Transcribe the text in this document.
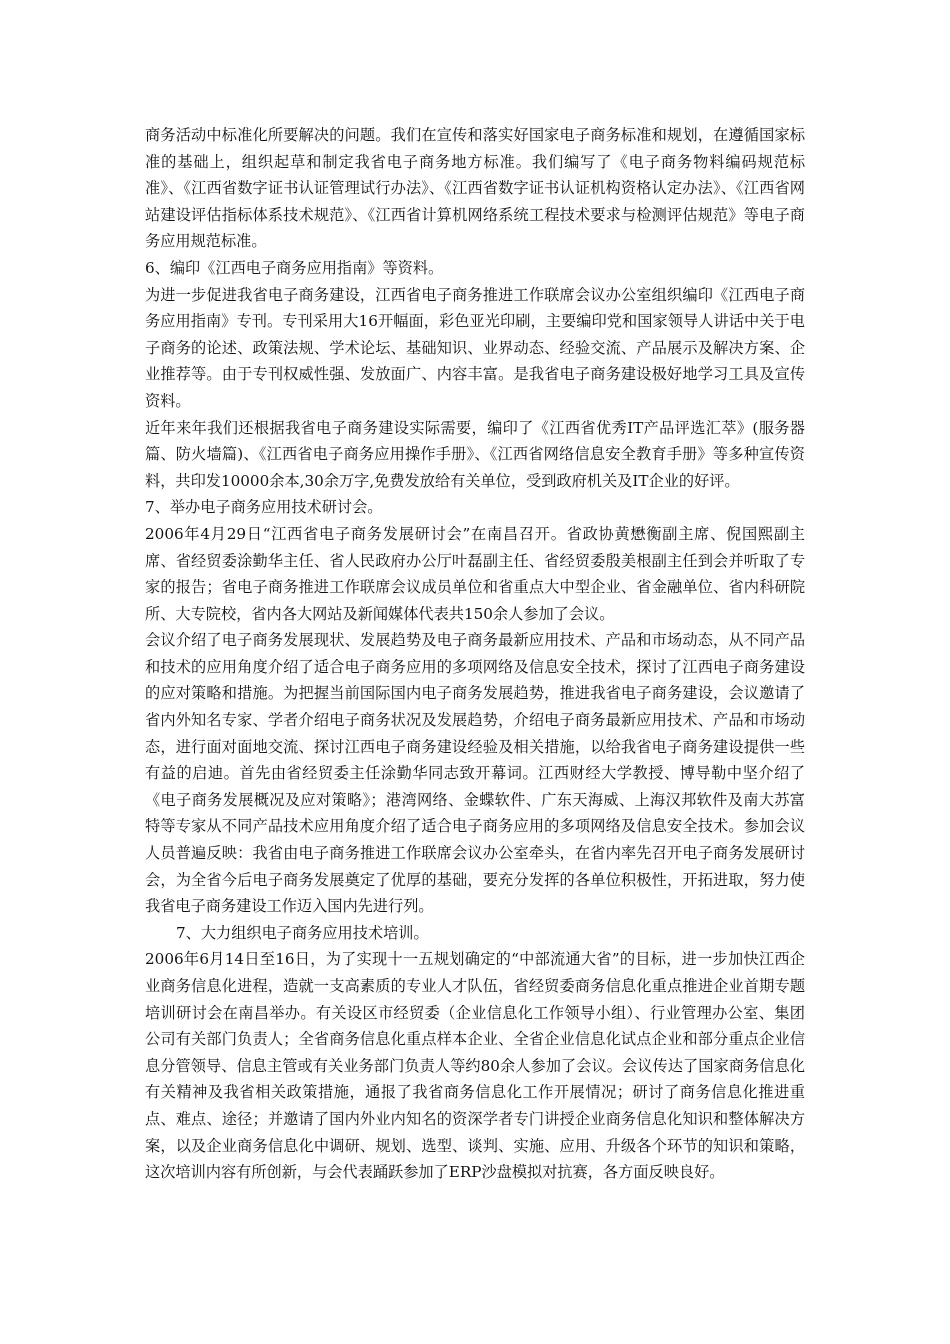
商务活动中标准化所要解决的问题。我们在宣传和落实好国家电子商务标准和规划，在遵循国家标准的基础上，组织起草和制定我省电子商务地方标准。我们编写了《电子商务物料编码规范标准》、《江西省数字证书认证管理试行办法》、《江西省数字证书认证机构资格认定办法》、《江西省网站建设评估指标体系技术规范》、《江西省计算机网络系统工程技术要求与检测评估规范》等电子商务应用规范标准。

6、编印《江西电子商务应用指南》等资料。

为进一步促进我省电子商务建设，江西省电子商务推进工作联席会议办公室组织编印《江西电子商务应用指南》专刊。专刊采用大16开幅面，彩色亚光印刷，主要编印党和国家领导人讲话中关于电子商务的论述、政策法规、学术论坛、基础知识、业界动态、经验交流、产品展示及解决方案、企业推荐等。由于专刊权威性强、发放面广、内容丰富。是我省电子商务建设极好地学习工具及宣传资料。

近年来年我们还根据我省电子商务建设实际需要，编印了《江西省优秀IT产品评选汇萃》(服务器篇、防火墙篇)、《江西省电子商务应用操作手册》、《江西省网络信息安全教育手册》等多种宣传资料，共印发10000余本,30余万字,免费发放给有关单位，受到政府机关及IT企业的好评。

7、举办电子商务应用技术研讨会。

2006年4月29日“江西省电子商务发展研讨会”在南昌召开。省政协黄懋衡副主席、倪国熙副主席、省经贸委涂勤华主任、省人民政府办公厅叶磊副主任、省经贸委殷美根副主任到会并听取了专家的报告；省电子商务推进工作联席会议成员单位和省重点大中型企业、省金融单位、省内科研院所、大专院校，省内各大网站及新闻媒体代表共150余人参加了会议。

会议介绍了电子商务发展现状、发展趋势及电子商务最新应用技术、产品和市场动态，从不同产品和技术的应用角度介绍了适合电子商务应用的多项网络及信息安全技术，探讨了江西电子商务建设的应对策略和措施。为把握当前国际国内电子商务发展趋势，推进我省电子商务建设，会议邀请了省内外知名专家、学者介绍电子商务状况及发展趋势，介绍电子商务最新应用技术、产品和市场动态，进行面对面地交流、探讨江西电子商务建设经验及相关措施，以给我省电子商务建设提供一些有益的启迪。首先由省经贸委主任涂勤华同志致开幕词。江西财经大学教授、博导勒中坚介绍了《电子商务发展概况及应对策略》；港湾网络、金蝶软件、广东天海威、上海汉邦软件及南大苏富特等专家从不同产品技术应用角度介绍了适合电子商务应用的多项网络及信息安全技术。参加会议人员普遍反映：我省由电子商务推进工作联席会议办公室牵头，在省内率先召开电子商务发展研讨会，为全省今后电子商务发展奠定了优厚的基础，要充分发挥的各单位积极性，开拓进取，努力使我省电子商务建设工作迈入国内先进行列。

7、大力组织电子商务应用技术培训。

2006年6月14日至16日，为了实现十一五规划确定的“中部流通大省”的目标，进一步加快江西企业商务信息化进程，造就一支高素质的专业人才队伍，省经贸委商务信息化重点推进企业首期专题培训研讨会在南昌举办。有关设区市经贸委（企业信息化工作领导小组）、行业管理办公室、集团公司有关部门负责人；全省商务信息化重点样本企业、全省企业信息化试点企业和部分重点企业信息分管领导、信息主管或有关业务部门负责人等约80余人参加了会议。会议传达了国家商务信息化有关精神及我省相关政策措施，通报了我省商务信息化工作开展情况；研讨了商务信息化推进重点、难点、途径；并邀请了国内外业内知名的资深学者专门讲授企业商务信息化知识和整体解决方案，以及企业商务信息化中调研、规划、选型、谈判、实施、应用、升级各个环节的知识和策略，这次培训内容有所创新，与会代表踊跃参加了ERP沙盘模拟对抗赛，各方面反映良好。
